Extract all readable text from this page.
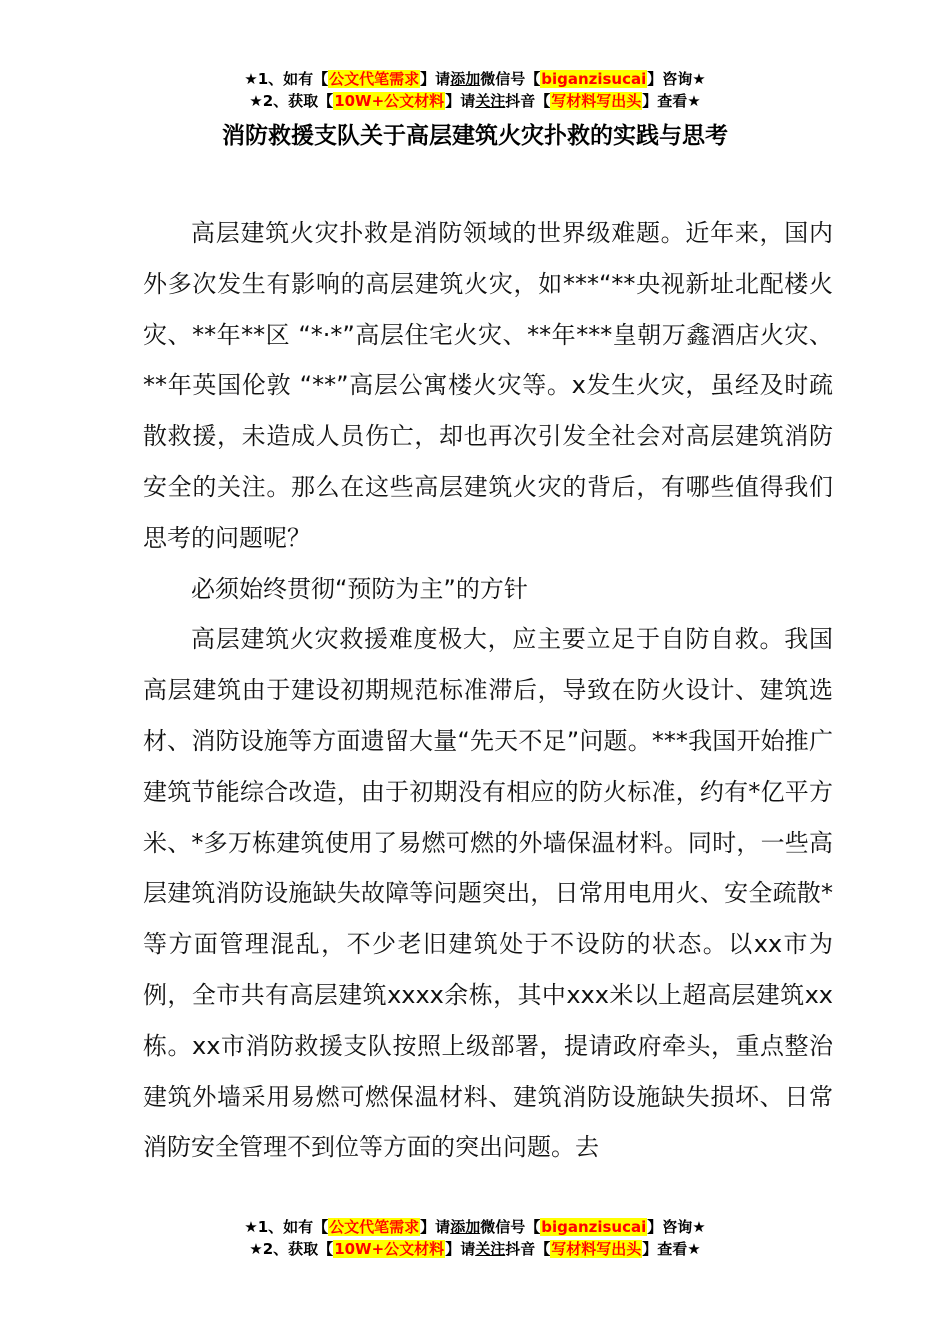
★1、如有【公文代笔需求】请添加微信号【biganzisucai】咨询★
★2、获取【10W+公文材料】请关注抖音【写材料写出头】查看★
消防救援支队关于高层建筑火灾扑救的实践与思考

高层建筑火灾扑救是消防领域的世界级难题。近年来，国内外多次发生有影响的高层建筑火灾，如***“**央视新址北配楼火灾、**年**区 “*·*”高层住宅火灾、**年***皇朝万鑫酒店火灾、**年英国伦敦 “**”高层公寓楼火灾等。x发生火灾，虽经及时疏散救援，未造成人员伤亡，却也再次引发全社会对高层建筑消防安全的关注。那么在这些高层建筑火灾的背后，有哪些值得我们思考的问题呢？

必须始终贯彻“预防为主”的方针

高层建筑火灾救援难度极大，应主要立足于自防自救。我国高层建筑由于建设初期规范标准滞后，导致在防火设计、建筑选材、消防设施等方面遗留大量“先天不足”问题。***我国开始推广建筑节能综合改造，由于初期没有相应的防火标准，约有*亿平方米、*多万栋建筑使用了易燃可燃的外墙保温材料。同时，一些高层建筑消防设施缺失故障等问题突出，日常用电用火、安全疏散*等方面管理混乱，不少老旧建筑处于不设防的状态。以xx市为例，全市共有高层建筑xxxx余栋，其中xxx米以上超高层建筑xx栋。xx市消防救援支队按照上级部署，提请政府牵头，重点整治建筑外墙采用易燃可燃保温材料、建筑消防设施缺失损坏、日常消防安全管理不到位等方面的突出问题。去

★1、如有【公文代笔需求】请添加微信号【biganzisucai】咨询★
★2、获取【10W+公文材料】请关注抖音【写材料写出头】查看★
